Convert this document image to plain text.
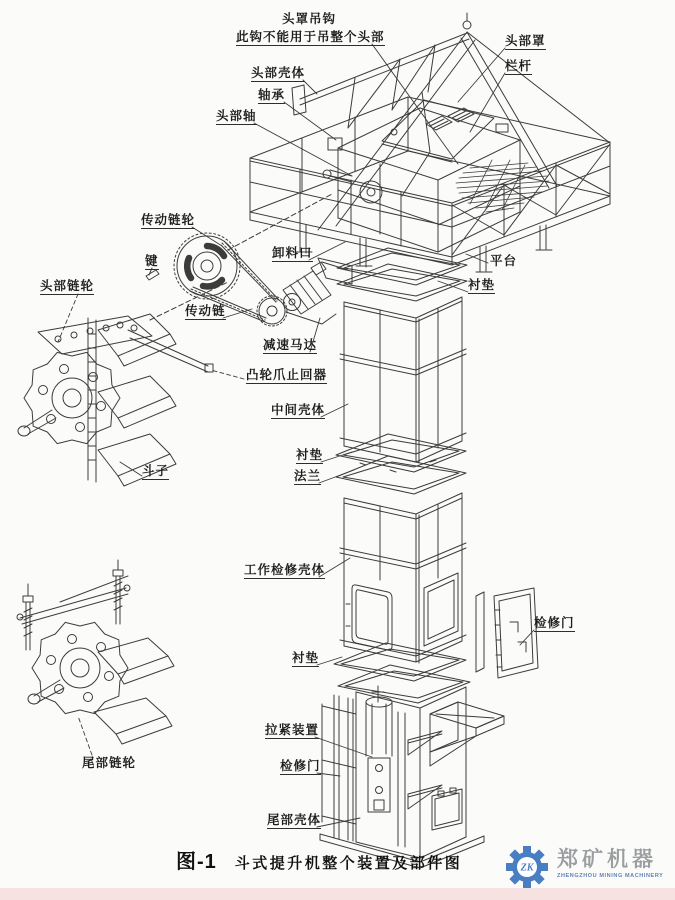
ZK
头罩吊钩
此钩不能用于吊整个头部
头部壳体
轴承
头部轴
头部罩
栏杆
传动链轮
键
头部链轮
传动链
卸料口
平台
衬垫
减速马达
凸轮爪止回器
中间壳体
衬垫
法兰
斗子
工作检修壳体
衬垫
检修门
拉紧装置
检修门
尾部壳体
尾部链轮
图-1 斗式提升机整个装置及部件图	郑矿机器
ZHENGZHOU MINING MACHINERY
